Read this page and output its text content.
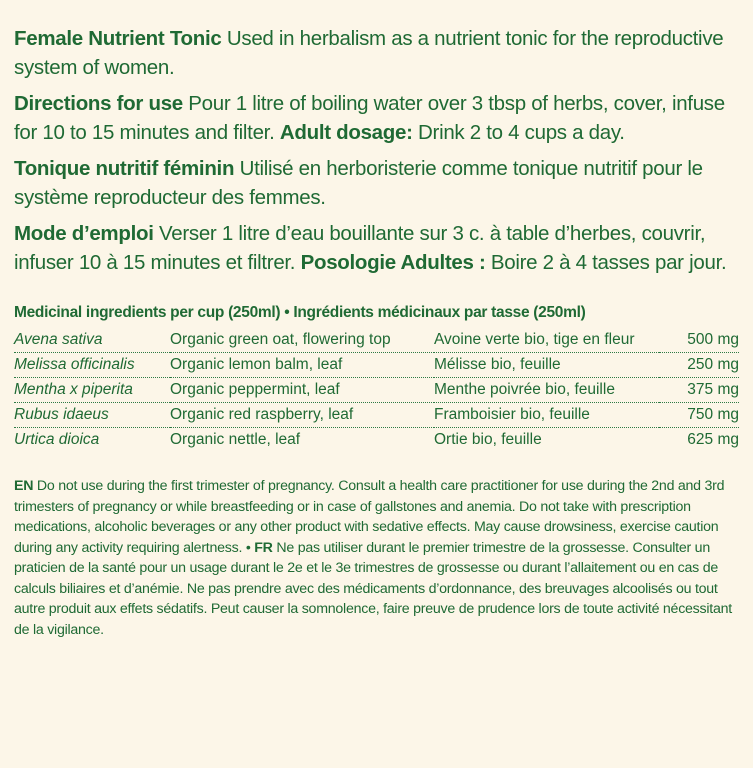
Female Nutrient Tonic Used in herbalism as a nutrient tonic for the reproductive system of women.

Directions for use Pour 1 litre of boiling water over 3 tbsp of herbs, cover, infuse for 10 to 15 minutes and filter. Adult dosage: Drink 2 to 4 cups a day.

Tonique nutritif féminin Utilisé en herboristerie comme tonique nutritif pour le système reproducteur des femmes.

Mode d’emploi Verser 1 litre d’eau bouillante sur 3 c. à table d’herbes, couvrir, infuser 10 à 15 minutes et filtrer. Posologie Adultes : Boire 2 à 4 tasses par jour.

Medicinal ingredients per cup (250ml) • Ingrédients médicinaux par tasse (250ml)
Avena sativa	Organic green oat, flowering top	Avoine verte bio, tige en fleur	500 mg
Melissa officinalis	Organic lemon balm, leaf	Mélisse bio, feuille	250 mg
Mentha x piperita	Organic peppermint, leaf	Menthe poivrée bio, feuille	375 mg
Rubus idaeus	Organic red raspberry, leaf	Framboisier bio, feuille	750 mg
Urtica dioica	Organic nettle, leaf	Ortie bio, feuille	625 mg

EN Do not use during the first trimester of pregnancy. Consult a health care practitioner for use during the 2nd and 3rd trimesters of pregnancy or while breastfeeding or in case of gallstones and anemia. Do not take with prescription medications, alcoholic beverages or any other product with sedative effects. May cause drowsiness, exercise caution during any activity requiring alertness. • FR Ne pas utiliser durant le premier trimestre de la grossesse. Consulter un praticien de la santé pour un usage durant le 2e et le 3e trimestres de grossesse ou durant l’allaitement ou en cas de calculs biliaires et d’anémie. Ne pas prendre avec des médicaments d’ordonnance, des breuvages alcoolisés ou tout autre produit aux effets sédatifs. Peut causer la somnolence, faire preuve de prudence lors de toute activité nécessitant de la vigilance.
